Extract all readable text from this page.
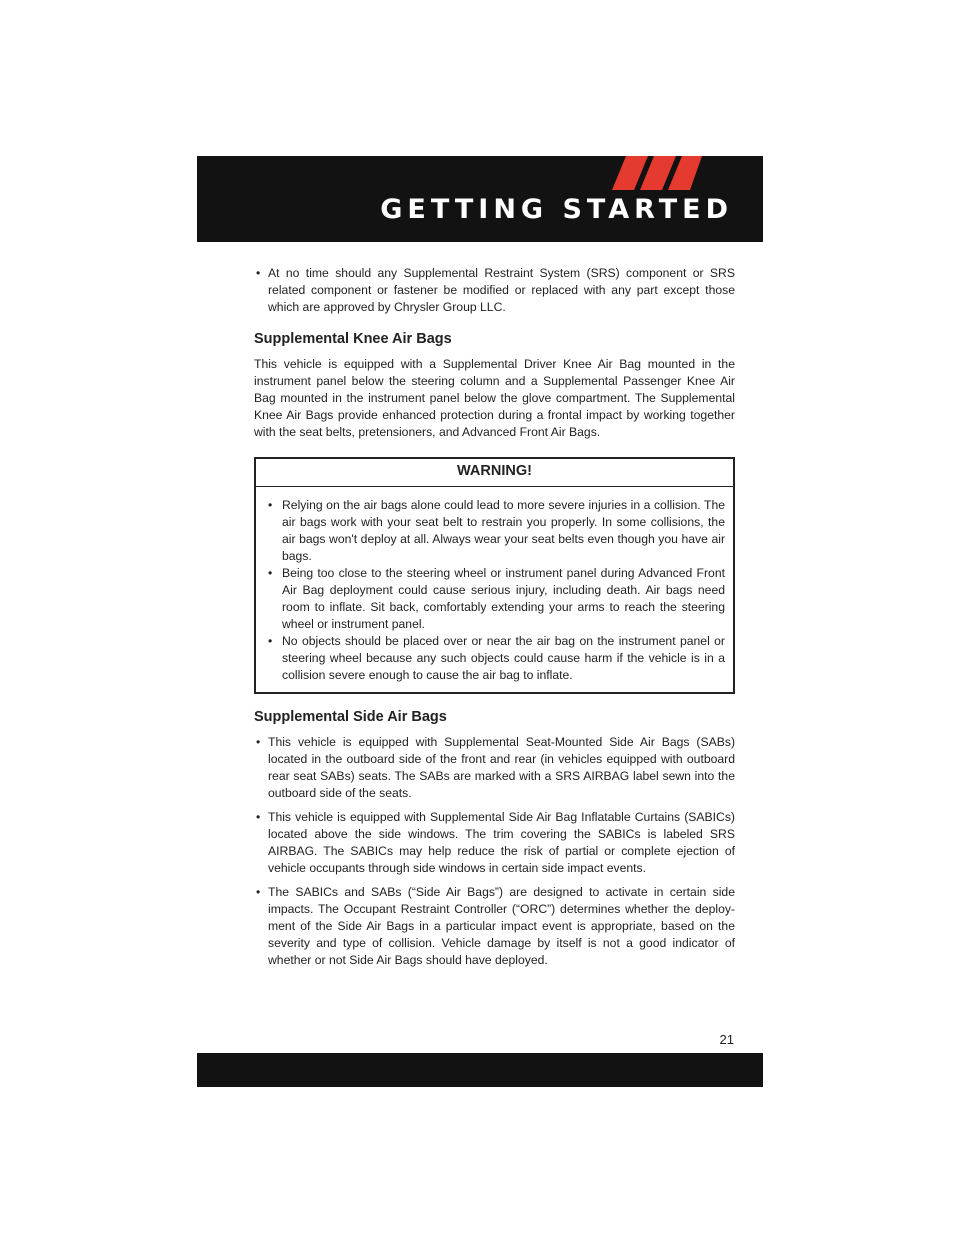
GETTING STARTED

• At no time should any Supplemental Restraint System (SRS) component or SRS related component or fastener be modified or replaced with any part except those which are approved by Chrysler Group LLC.

Supplemental Knee Air Bags

This vehicle is equipped with a Supplemental Driver Knee Air Bag mounted in the instrument panel below the steering column and a Supplemental Passenger Knee Air Bag mounted in the instrument panel below the glove compartment. The Supplemental Knee Air Bags provide enhanced protection during a frontal impact by working together with the seat belts, pretensioners, and Advanced Front Air Bags.

WARNING!

• Relying on the air bags alone could lead to more severe injuries in a collision. The air bags work with your seat belt to restrain you properly. In some collisions, the air bags won't deploy at all. Always wear your seat belts even though you have air bags.

• Being too close to the steering wheel or instrument panel during Advanced Front Air Bag deployment could cause serious injury, including death. Air bags need room to inflate. Sit back, comfortably extending your arms to reach the steering wheel or instrument panel.

• No objects should be placed over or near the air bag on the instrument panel or steering wheel because any such objects could cause harm if the vehicle is in a collision severe enough to cause the air bag to inflate.

Supplemental Side Air Bags

• This vehicle is equipped with Supplemental Seat-Mounted Side Air Bags (SABs) located in the outboard side of the front and rear (in vehicles equipped with outboard rear seat SABs) seats. The SABs are marked with a SRS AIRBAG label sewn into the outboard side of the seats.

• This vehicle is equipped with Supplemental Side Air Bag Inflatable Curtains (SABICs) located above the side windows. The trim covering the SABICs is labeled SRS AIRBAG. The SABICs may help reduce the risk of partial or complete ejection of vehicle occupants through side windows in certain side impact events.

• The SABICs and SABs (“Side Air Bags”) are designed to activate in certain side impacts. The Occupant Restraint Controller (“ORC”) determines whether the deploy-ment of the Side Air Bags in a particular impact event is appropriate, based on the severity and type of collision. Vehicle damage by itself is not a good indicator of whether or not Side Air Bags should have deployed.

21
